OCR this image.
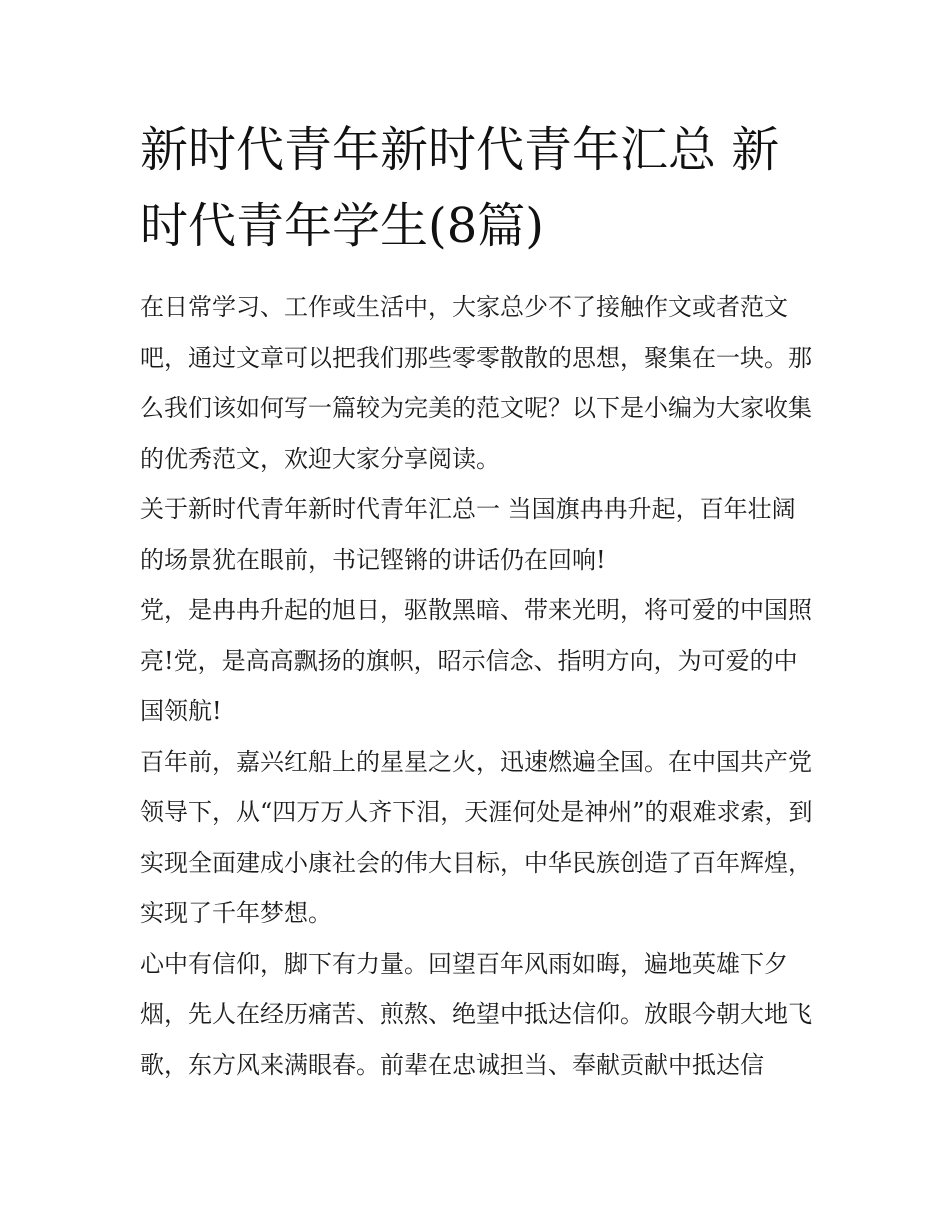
新时代青年新时代青年汇总 新时代青年学生(8篇)

在日常学习、工作或生活中，大家总少不了接触作文或者范文吧，通过文章可以把我们那些零零散散的思想，聚集在一块。那么我们该如何写一篇较为完美的范文呢？以下是小编为大家收集的优秀范文，欢迎大家分享阅读。

关于新时代青年新时代青年汇总一 当国旗冉冉升起，百年壮阔的场景犹在眼前，书记铿锵的讲话仍在回响!

党，是冉冉升起的旭日，驱散黑暗、带来光明，将可爱的中国照亮!党，是高高飘扬的旗帜，昭示信念、指明方向，为可爱的中国领航!

百年前，嘉兴红船上的星星之火，迅速燃遍全国。在中国共产党领导下，从“四万万人齐下泪，天涯何处是神州”的艰难求索，到实现全面建成小康社会的伟大目标，中华民族创造了百年辉煌，实现了千年梦想。

心中有信仰，脚下有力量。回望百年风雨如晦，遍地英雄下夕烟，先人在经历痛苦、煎熬、绝望中抵达信仰。放眼今朝大地飞歌，东方风来满眼春。前辈在忠诚担当、奉献贡献中抵达信
